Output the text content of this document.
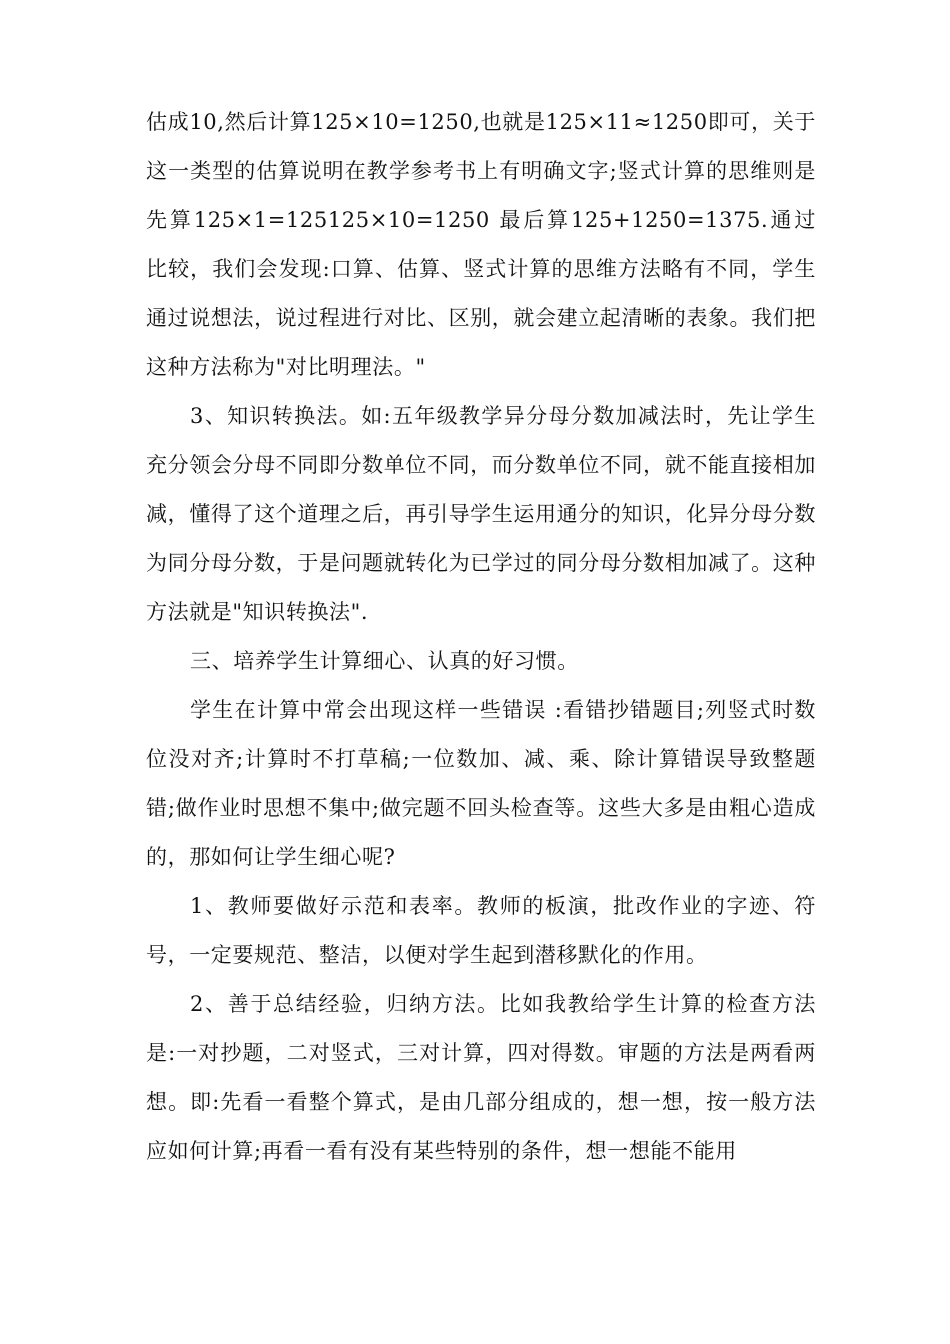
估成10,然后计算125×10=1250,也就是125×11≈1250即可，关于这一类型的估算说明在教学参考书上有明确文字;竖式计算的思维则是先算125×1=125125×10=1250 最后算125+1250=1375.通过比较，我们会发现:口算、估算、竖式计算的思维方法略有不同，学生通过说想法，说过程进行对比、区别，就会建立起清晰的表象。我们把这种方法称为"对比明理法。"

3、知识转换法。如:五年级教学异分母分数加减法时，先让学生充分领会分母不同即分数单位不同，而分数单位不同，就不能直接相加减，懂得了这个道理之后，再引导学生运用通分的知识，化异分母分数为同分母分数，于是问题就转化为已学过的同分母分数相加减了。这种方法就是"知识转换法".

三、培养学生计算细心、认真的好习惯。

学生在计算中常会出现这样一些错误 :看错抄错题目;列竖式时数位没对齐;计算时不打草稿;一位数加、减、乘、除计算错误导致整题错;做作业时思想不集中;做完题不回头检查等。这些大多是由粗心造成的，那如何让学生细心呢?

1、教师要做好示范和表率。教师的板演，批改作业的字迹、符号，一定要规范、整洁，以便对学生起到潜移默化的作用。

2、善于总结经验，归纳方法。比如我教给学生计算的检查方法是:一对抄题，二对竖式，三对计算，四对得数。审题的方法是两看两想。即:先看一看整个算式，是由几部分组成的，想一想，按一般方法应如何计算;再看一看有没有某些特别的条件，想一想能不能用
